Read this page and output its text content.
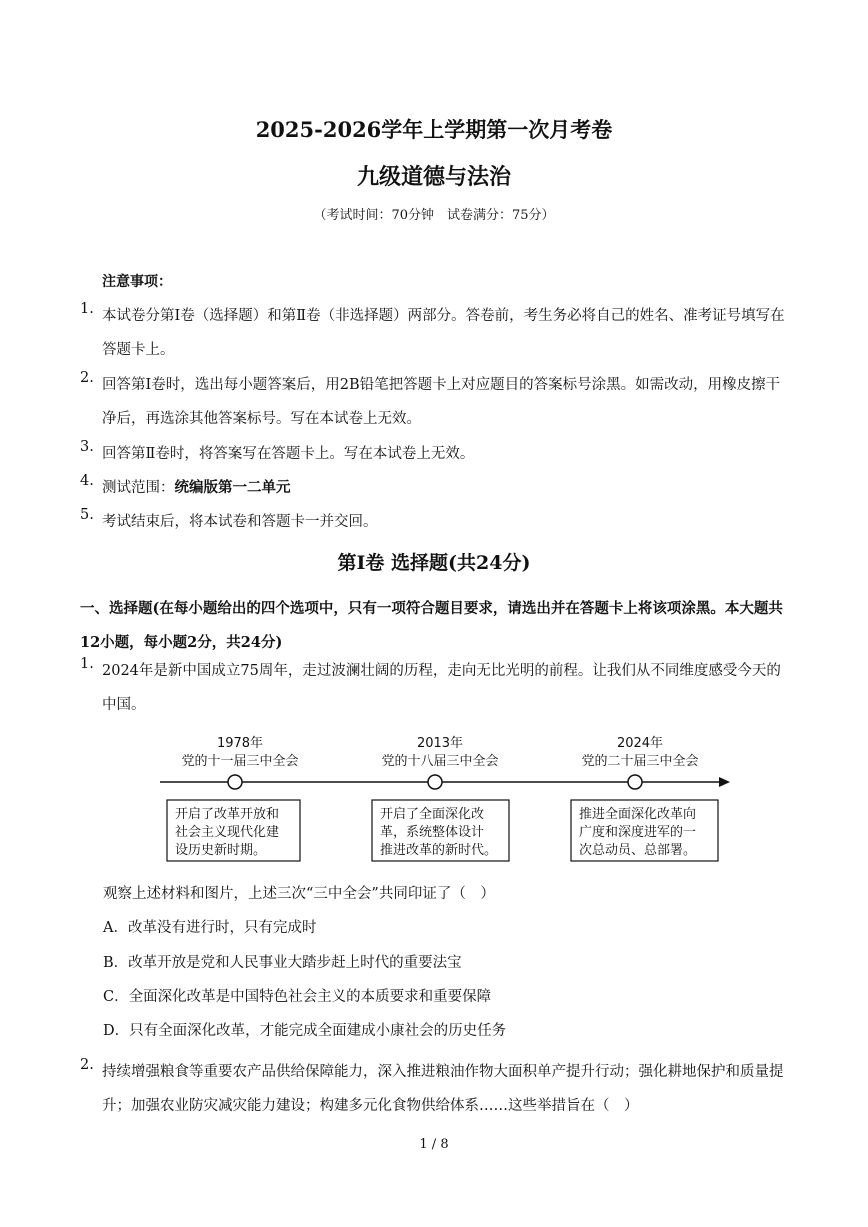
2025-2026学年上学期第一次月考卷
九级道德与法治
（考试时间：70分钟　试卷满分：75分）
注意事项：
1. 本试卷分第Ⅰ卷（选择题）和第Ⅱ卷（非选择题）两部分。答卷前，考生务必将自己的姓名、准考证号填写在答题卡上。
2. 回答第Ⅰ卷时，选出每小题答案后，用2B铅笔把答题卡上对应题目的答案标号涂黑。如需改动，用橡皮擦干净后，再选涂其他答案标号。写在本试卷上无效。
3. 回答第Ⅱ卷时，将答案写在答题卡上。写在本试卷上无效。
4. 测试范围：统编版第一二单元
5. 考试结束后，将本试卷和答题卡一并交回。
第Ⅰ卷 选择题(共24分)
一、选择题(在每小题给出的四个选项中，只有一项符合题目要求，请选出并在答题卡上将该项涂黑。本大题共12小题，每小题2分，共24分)
1. 2024年是新中国成立75周年，走过波澜壮阔的历程，走向无比光明的前程。让我们从不同维度感受今天的中国。
1978年
党的十一届三中全会
开启了改革开放和
社会主义现代化建
设历史新时期。
2013年
党的十八届三中全会
开启了全面深化改
革，系统整体设计
推进改革的新时代。
2024年
党的二十届三中全会
推进全面深化改革向
广度和深度进军的一
次总动员、总部署。
观察上述材料和图片，上述三次“三中全会”共同印证了（　）
A．改革没有进行时，只有完成时
B．改革开放是党和人民事业大踏步赶上时代的重要法宝
C．全面深化改革是中国特色社会主义的本质要求和重要保障
D．只有全面深化改革，才能完成全面建成小康社会的历史任务
2. 持续增强粮食等重要农产品供给保障能力，深入推进粮油作物大面积单产提升行动；强化耕地保护和质量提升；加强农业防灾减灾能力建设；构建多元化食物供给体系……这些举措旨在（　）
1 / 8
